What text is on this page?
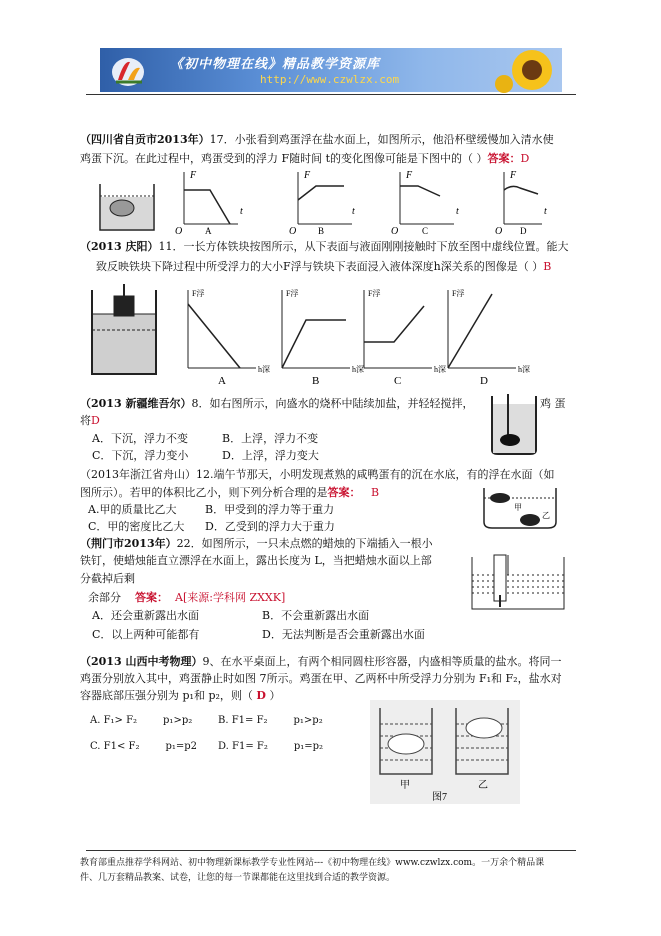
《初中物理在线》精品教学资源库
http://www.czwlzx.com
（四川省自贡市2013年）17．小张看到鸡蛋浮在盐水面上，如图所示，他沿杯壁缓慢加入清水使
鸡蛋下沉。在此过程中，鸡蛋受到的浮力 F随时间 t的变化图像可能是下图中的（ ）答案：D
F
t
O
F
t
O
F
t
O
F
t
O
A	B	C	D
（2013 庆阳）11．一长方体铁块按图所示，从下表面与液面刚刚接触时下放至图中虚线位置。能大
致反映铁块下降过程中所受浮力的大小F浮与铁块下表面浸入液体深度h深关系的图像是（ ）B
F浮
h深
F浮
h深
F浮
h深
F浮
h深
A	B	C	D
（2013 新疆维吾尔）8．如右图所示，向盛水的烧杯中陆续加盐，并轻轻搅拌，	鸡 蛋
将D
A．下沉，浮力不变	B．上浮，浮力不变
C．下沉，浮力变小	D．上浮，浮力变大
（2013年浙江省舟山）12.端午节那天，小明发现煮熟的咸鸭蛋有的沉在水底，有的浮在水面（如
图所示）。若甲的体积比乙小，则下列分析合理的是答案： B
A.甲的质量比乙大	B．甲受到的浮力等于重力
C．甲的密度比乙大 D．乙受到的浮力大于重力
甲
乙
（荆门市2013年）22．如图所示，一只未点燃的蜡烛的下端插入一根小
铁钉，使蜡烛能直立漂浮在水面上，露出长度为 L，当把蜡烛水面以上部
分截掉后剩
余部分 答案： A[来源:学科网 ZXXK]
A．还会重新露出水面	B．不会重新露出水面
C．以上两种可能都有	D．无法判断是否会重新露出水面
（2013 山西中考物理）9、在水平桌面上，有两个相同圆柱形容器，内盛相等质量的盐水。将同一
鸡蛋分别放入其中，鸡蛋静止时如图 7所示。鸡蛋在甲、乙两杯中所受浮力分别为 F₁和 F₂，盐水对
容器底部压强分别为 p₁和 p₂，则（ D ）
A. F₁> F₂	p₁>p₂	B. F1= F₂	p₁>p₂
C. F1< F₂	p₁=p2 D. F1= F₂	p₁=p₂
甲	乙
图7
教育部重点推荐学科网站、初中物理新课标教学专业性网站---《初中物理在线》www.czwlzx.com。一万余个精品课
件、几万套精品教案、试卷，让您的每一节课都能在这里找到合适的教学资源。
